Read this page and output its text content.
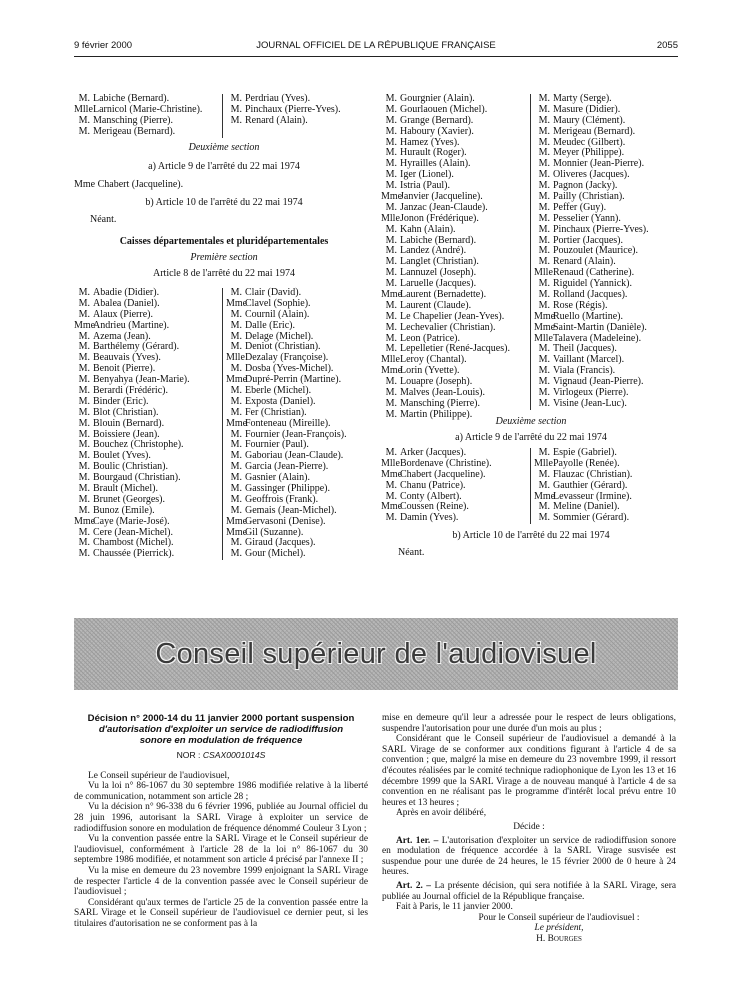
9 février 2000	JOURNAL OFFICIEL DE LA RÉPUBLIQUE FRANÇAISE	2055
M. Labiche (Bernard).
Mlle Larnicol (Marie-Christine).
M. Mansching (Pierre).
M. Merigeau (Bernard).
M. Perdriau (Yves).
M. Pinchaux (Pierre-Yves).
M. Renard (Alain).
Deuxième section
a) Article 9 de l'arrêté du 22 mai 1974
Mme Chabert (Jacqueline).
b) Article 10 de l'arrêté du 22 mai 1974
Néant.
Caisses départementales et pluridépartementales
Première section
Article 8 de l'arrêté du 22 mai 1974
M. Abadie (Didier).
M. Abalea (Daniel).
M. Alaux (Pierre).
Mme
Andrieu (Martine).
M. Azema (Jean).
M. Barthélemy (Gérard).
M. Beauvais (Yves).
M. Benoit (Pierre).
M. Benyahya (Jean-Marie).
M. Berardi (Frédéric).
M. Binder (Eric).
M. Blot (Christian).
M. Blouin (Bernard).
M. Boissiere (Jean).
M. Bouchez (Christophe).
M. Boulet (Yves).
M. Boulic (Christian).
M. Bourgaud (Christian).
M. Brault (Michel).
M. Brunet (Georges).
M. Bunoz (Emile).
Mme
Caye (Marie-José).
M. Cere (Jean-Michel).
M. Chambost (Michel).
M. Chaussée (Pierrick).
M. Clair (David).
Mme
Clavel (Sophie).
M. Cournil (Alain).
M. Dalle (Eric).
M. Delage (Michel).
M. Deniot (Christian).
Mlle Dezalay (Françoise).
M. Dosba (Yves-Michel).
Mme
Dupré-Perrin (Martine).
M. Eberle (Michel).
M. Exposta (Daniel).
M. Fer (Christian).
Mme
Fonteneau (Mireille).
M. Fournier (Jean-François).
M. Fournier (Paul).
M. Gaboriau (Jean-Claude).
M. Garcia (Jean-Pierre).
M. Gasnier (Alain).
M. Gassinger (Philippe).
M. Geoffrois (Frank).
M. Gemais (Jean-Michel).
Mme
Gervasoni (Denise).
Mme
Gil (Suzanne).
M. Giraud (Jacques).
M. Gour (Michel).
M. Gourgnier (Alain).
M. Gourlaouen (Michel).
M. Grange (Bernard).
M. Haboury (Xavier).
M. Hamez (Yves).
M. Hurault (Roger).
M. Hyrailles (Alain).
M. Iger (Lionel).
M. Istria (Paul).
Mme
Janvier (Jacqueline).
M. Janzac (Jean-Claude).
Mlle Jonon (Frédérique).
M. Kahn (Alain).
M. Labiche (Bernard).
M. Landez (André).
M. Langlet (Christian).
M. Lannuzel (Joseph).
M. Laruelle (Jacques).
Mme
Laurent (Bernadette).
M. Laurent (Claude).
M. Le Chapelier (Jean-Yves).
M. Lechevalier (Christian).
M. Leon (Patrice).
M. Lepelletier (René-Jacques).
Mlle Leroy (Chantal).
Mme
Lorin (Yvette).
M. Louapre (Joseph).
M. Malves (Jean-Louis).
M. Mansching (Pierre).
M. Martin (Philippe).
M. Marty (Serge).
M. Masure (Didier).
M. Maury (Clément).
M. Merigeau (Bernard).
M. Meudec (Gilbert).
M. Meyer (Philippe).
M. Monnier (Jean-Pierre).
M. Oliveres (Jacques).
M. Pagnon (Jacky).
M. Pailly (Christian).
M. Peffer (Guy).
M. Pesselier (Yann).
M. Pinchaux (Pierre-Yves).
M. Portier (Jacques).
M. Pouzoulet (Maurice).
M. Renard (Alain).
Mlle Renaud (Catherine).
M. Riguidel (Yannick).
M. Rolland (Jacques).
M. Rose (Régis).
Mme
Ruello (Martine).
Mme
Saint-Martin (Danièle).
Mlle Talavera (Madeleine).
M. Theil (Jacques).
M. Vaillant (Marcel).
M. Viala (Francis).
M. Vignaud (Jean-Pierre).
M. Virlogeux (Pierre).
M. Visine (Jean-Luc).
Deuxième section
a) Article 9 de l'arrêté du 22 mai 1974
M. Arker (Jacques).
Mlle Bordenave (Christine).
Mme
Chabert (Jacqueline).
M. Chanu (Patrice).
M. Conty (Albert).
Mme
Coussen (Reine).
M. Damin (Yves).
M. Espie (Gabriel).
Mlle Payolle (Renée).
M. Flauzac (Christian).
M. Gauthier (Gérard).
Mme
Levasseur (Irmine).
M. Meline (Daniel).
M. Sommier (Gérard).
b) Article 10 de l'arrêté du 22 mai 1974
Néant.
Conseil supérieur de l'audiovisuel
Décision n° 2000-14 du 11 janvier 2000 portant suspension
d'autorisation d'exploiter un service de radiodiffusion
sonore en modulation de fréquence
NOR : CSAX0001014S

Le Conseil supérieur de l'audiovisuel,

Vu la loi n° 86-1067 du 30 septembre 1986 modifiée relative à la liberté de communication, notamment son article 28 ;

Vu la décision n° 96-338 du 6 février 1996, publiée au Journal officiel du 28 juin 1996, autorisant la SARL Virage à exploiter un service de radiodiffusion sonore en modulation de fréquence dénommé Couleur 3 Lyon ;

Vu la convention passée entre la SARL Virage et le Conseil supérieur de l'audiovisuel, conformément à l'article 28 de la loi n° 86-1067 du 30 septembre 1986 modifiée, et notamment son article 4 précisé par l'annexe II ;

Vu la mise en demeure du 23 novembre 1999 enjoignant la SARL Virage de respecter l'article 4 de la convention passée avec le Conseil supérieur de l'audiovisuel ;

Considérant qu'aux termes de l'article 25 de la convention passée entre la SARL Virage et le Conseil supérieur de l'audiovisuel ce dernier peut, si les titulaires d'autorisation ne se conforment pas à la

mise en demeure qu'il leur a adressée pour le respect de leurs obligations, suspendre l'autorisation pour une durée d'un mois au plus ;

Considérant que le Conseil supérieur de l'audiovisuel a demandé à la SARL Virage de se conformer aux conditions figurant à l'article 4 de sa convention ; que, malgré la mise en demeure du 23 novembre 1999, il ressort d'écoutes réalisées par le comité technique radiophonique de Lyon les 13 et 16 décembre 1999 que la SARL Virage a de nouveau manqué à l'article 4 de sa convention en ne réalisant pas le programme d'intérêt local prévu entre 10 heures et 13 heures ;

Après en avoir délibéré,

Décide :

Art. 1er. – L'autorisation d'exploiter un service de radiodiffusion sonore en modulation de fréquence accordée à la SARL Virage susvisée est suspendue pour une durée de 24 heures, le 15 février 2000 de 0 heure à 24 heures.

Art. 2. – La présente décision, qui sera notifiée à la SARL Virage, sera publiée au Journal officiel de la République française.

Fait à Paris, le 11 janvier 2000.

Pour le Conseil supérieur de l'audiovisuel :

Le président,

H. Bourges
